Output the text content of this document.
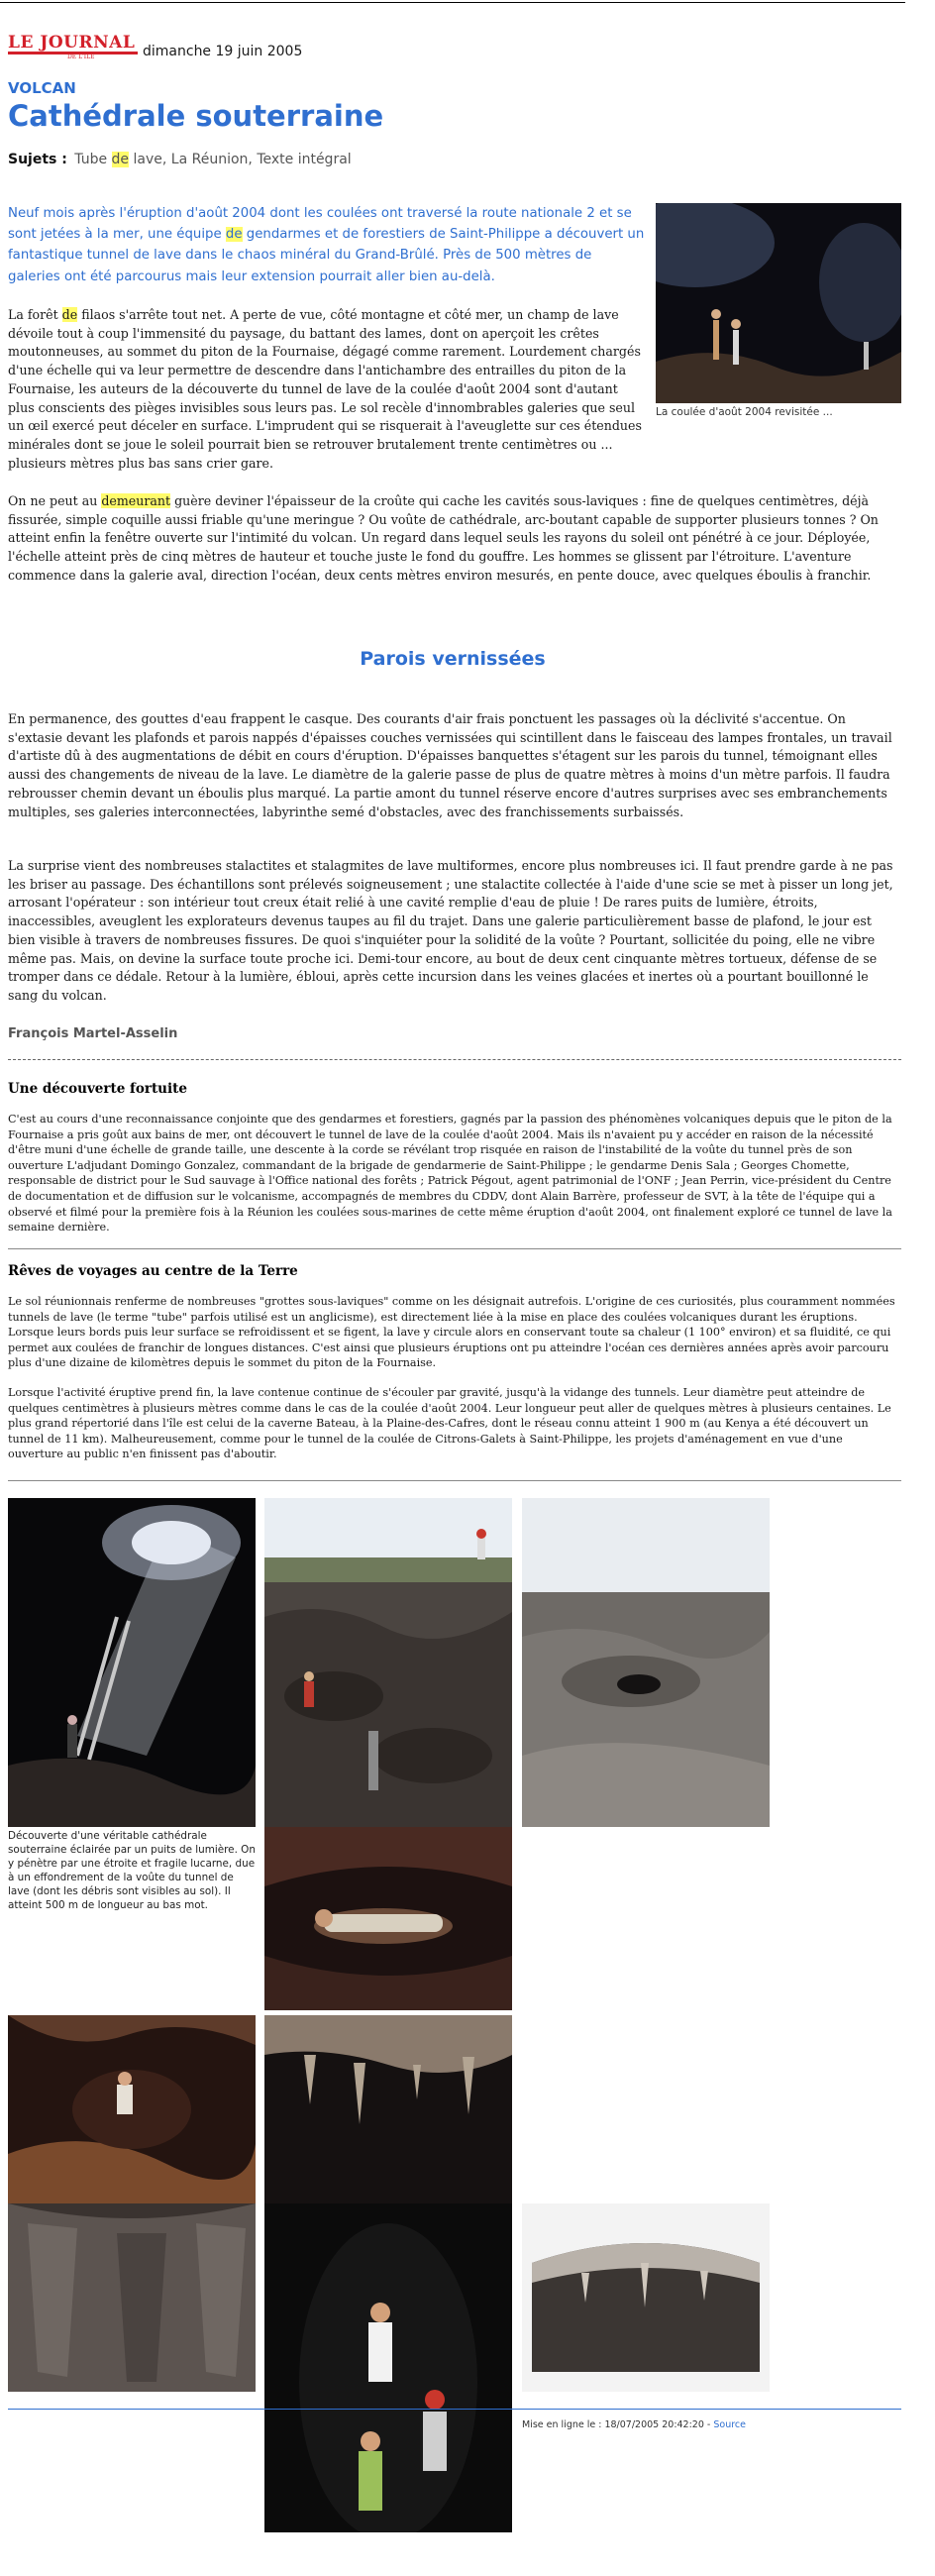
LE JOURNAL
DE L'ILE	dimanche 19 juin 2005
VOLCAN
Cathédrale souterraine
Sujets : Tube de lave, La Réunion, Texte intégral
La coulée d'août 2004 revisitée ...

Neuf mois après l'éruption d'août 2004 dont les coulées ont traversé la route nationale 2 et se sont jetées à la mer, une équipe de gendarmes et de forestiers de Saint-Philippe a découvert un fantastique tunnel de lave dans le chaos minéral du Grand-Brûlé. Près de 500 mètres de galeries ont été parcourus mais leur extension pourrait aller bien au-delà.

La forêt de filaos s'arrête tout net. A perte de vue, côté montagne et côté mer, un champ de lave dévoile tout à coup l'immensité du paysage, du battant des lames, dont on aperçoit les crêtes moutonneuses, au sommet du piton de la Fournaise, dégagé comme rarement. Lourdement chargés d'une échelle qui va leur permettre de descendre dans l'antichambre des entrailles du piton de la Fournaise, les auteurs de la découverte du tunnel de lave de la coulée d'août 2004 sont d'autant plus conscients des pièges invisibles sous leurs pas. Le sol recèle d'innombrables galeries que seul un œil exercé peut déceler en surface. L'imprudent qui se risquerait à l'aveuglette sur ces étendues minérales dont se joue le soleil pourrait bien se retrouver brutalement trente centimètres ou ... plusieurs mètres plus bas sans crier gare.

On ne peut au demeurant guère deviner l'épaisseur de la croûte qui cache les cavités sous-laviques : fine de quelques centimètres, déjà fissurée, simple coquille aussi friable qu'une meringue ? Ou voûte de cathédrale, arc-boutant capable de supporter plusieurs tonnes ? On atteint enfin la fenêtre ouverte sur l'intimité du volcan. Un regard dans lequel seuls les rayons du soleil ont pénétré à ce jour. Déployée, l'échelle atteint près de cinq mètres de hauteur et touche juste le fond du gouffre. Les hommes se glissent par l'étroiture. L'aventure commence dans la galerie aval, direction l'océan, deux cents mètres environ mesurés, en pente douce, avec quelques éboulis à franchir.

Parois vernissées

En permanence, des gouttes d'eau frappent le casque. Des courants d'air frais ponctuent les passages où la déclivité s'accentue. On s'extasie devant les plafonds et parois nappés d'épaisses couches vernissées qui scintillent dans le faisceau des lampes frontales, un travail d'artiste dû à des augmentations de débit en cours d'éruption. D'épaisses banquettes s'étagent sur les parois du tunnel, témoignant elles aussi des changements de niveau de la lave. Le diamètre de la galerie passe de plus de quatre mètres à moins d'un mètre parfois. Il faudra rebrousser chemin devant un éboulis plus marqué. La partie amont du tunnel réserve encore d'autres surprises avec ses embranchements multiples, ses galeries interconnectées, labyrinthe semé d'obstacles, avec des franchissements surbaissés.

La surprise vient des nombreuses stalactites et stalagmites de lave multiformes, encore plus nombreuses ici. Il faut prendre garde à ne pas les briser au passage. Des échantillons sont prélevés soigneusement ; une stalactite collectée à l'aide d'une scie se met à pisser un long jet, arrosant l'opérateur : son intérieur tout creux était relié à une cavité remplie d'eau de pluie ! De rares puits de lumière, étroits, inaccessibles, aveuglent les explorateurs devenus taupes au fil du trajet. Dans une galerie particulièrement basse de plafond, le jour est bien visible à travers de nombreuses fissures. De quoi s'inquiéter pour la solidité de la voûte ? Pourtant, sollicitée du poing, elle ne vibre même pas. Mais, on devine la surface toute proche ici. Demi-tour encore, au bout de deux cent cinquante mètres tortueux, défense de se tromper dans ce dédale. Retour à la lumière, ébloui, après cette incursion dans les veines glacées et inertes où a pourtant bouillonné le sang du volcan.

François Martel-Asselin
Une découverte fortuite

C'est au cours d'une reconnaissance conjointe que des gendarmes et forestiers, gagnés par la passion des phénomènes volcaniques depuis que le piton de la Fournaise a pris goût aux bains de mer, ont découvert le tunnel de lave de la coulée d'août 2004. Mais ils n'avaient pu y accéder en raison de la nécessité d'être muni d'une échelle de grande taille, une descente à la corde se révélant trop risquée en raison de l'instabilité de la voûte du tunnel près de son ouverture L'adjudant Domingo Gonzalez, commandant de la brigade de gendarmerie de Saint-Philippe ; le gendarme Denis Sala ; Georges Chomette, responsable de district pour le Sud sauvage à l'Office national des forêts ; Patrick Pégout, agent patrimonial de l'ONF ; Jean Perrin, vice-président du Centre de documentation et de diffusion sur le volcanisme, accompagnés de membres du CDDV, dont Alain Barrère, professeur de SVT, à la tête de l'équipe qui a observé et filmé pour la première fois à la Réunion les coulées sous-marines de cette même éruption d'août 2004, ont finalement exploré ce tunnel de lave la semaine dernière.

Rêves de voyages au centre de la Terre

Le sol réunionnais renferme de nombreuses "grottes sous-laviques" comme on les désignait autrefois. L'origine de ces curiosités, plus couramment nommées tunnels de lave (le terme "tube" parfois utilisé est un anglicisme), est directement liée à la mise en place des coulées volcaniques durant les éruptions. Lorsque leurs bords puis leur surface se refroidissent et se figent, la lave y circule alors en conservant toute sa chaleur (1 100° environ) et sa fluidité, ce qui permet aux coulées de franchir de longues distances. C'est ainsi que plusieurs éruptions ont pu atteindre l'océan ces dernières années après avoir parcouru plus d'une dizaine de kilomètres depuis le sommet du piton de la Fournaise.

Lorsque l'activité éruptive prend fin, la lave contenue continue de s'écouler par gravité, jusqu'à la vidange des tunnels. Leur diamètre peut atteindre de quelques centimètres à plusieurs mètres comme dans le cas de la coulée d'août 2004. Leur longueur peut aller de quelques mètres à plusieurs centaines. Le plus grand répertorié dans l'île est celui de la caverne Bateau, à la Plaine-des-Cafres, dont le réseau connu atteint 1 900 m (au Kenya a été découvert un tunnel de 11 km). Malheureusement, comme pour le tunnel de la coulée de Citrons-Galets à Saint-Philippe, les projets d'aménagement en vue d'une ouverture au public n'en finissent pas d'aboutir.

Découverte d'une véritable cathédrale souterraine éclairée par un puits de lumière. On y pénètre par une étroite et fragile lucarne, due à un effondrement de la voûte du tunnel de lave (dont les débris sont visibles au sol). Il atteint 500 m de longueur au bas mot.
Mise en ligne le : 18/07/2005 20:42:20 - Source
